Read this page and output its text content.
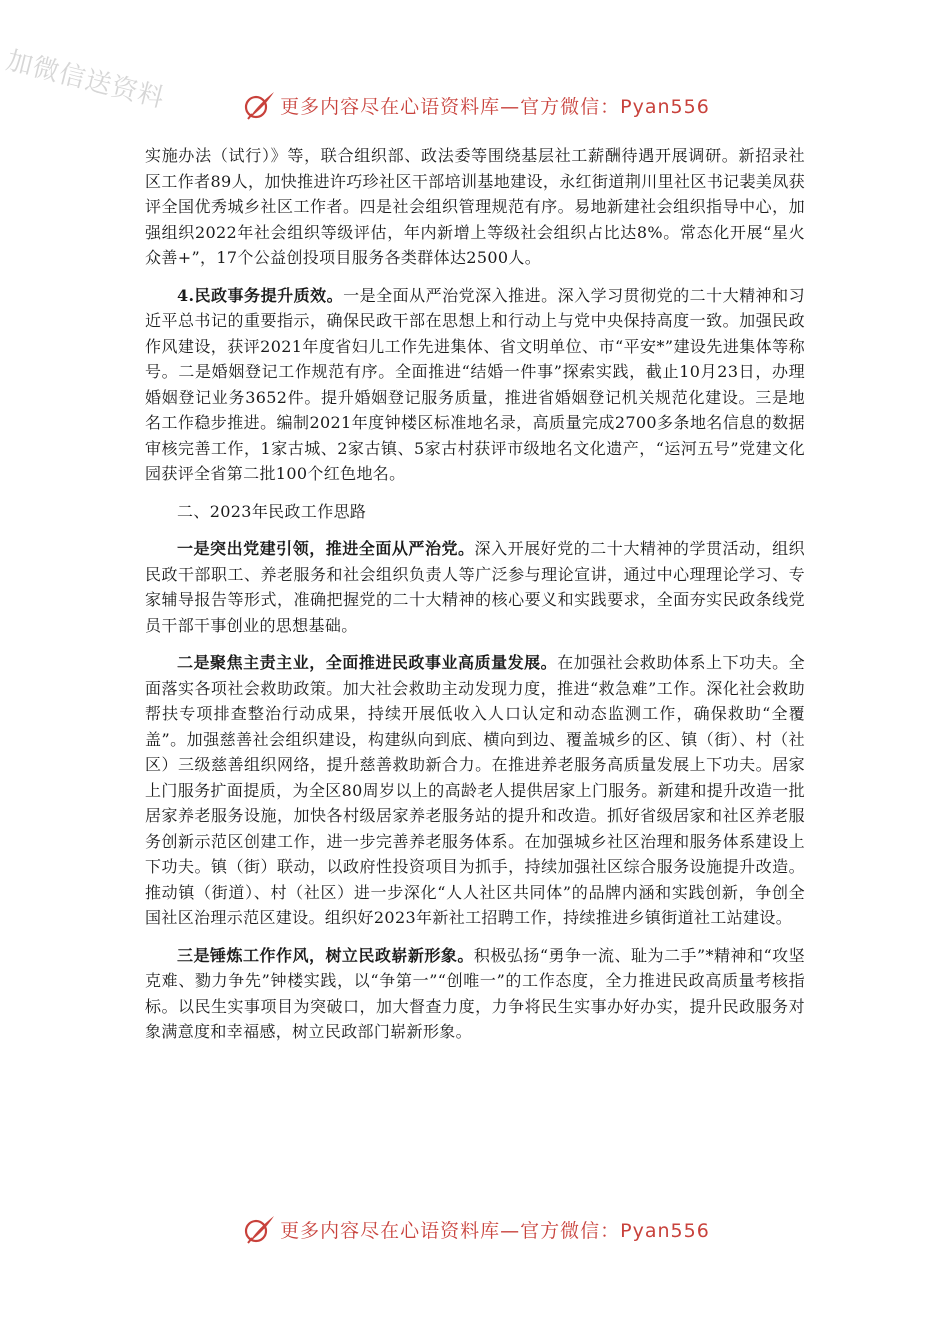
加微信送资料	更多内容尽在心语资料库—官方微信：Pyan556

实施办法（试行）》等，联合组织部、政法委等围绕基层社工薪酬待遇开展调研。新招录社区工作者89人，加快推进许巧珍社区干部培训基地建设，永红街道荆川里社区书记裴美凤获评全国优秀城乡社区工作者。四是社会组织管理规范有序。易地新建社会组织指导中心，加强组织2022年社会组织等级评估，年内新增上等级社会组织占比达8%。常态化开展“星火众善+”，17个公益创投项目服务各类群体达2500人。

4.民政事务提升质效。一是全面从严治党深入推进。深入学习贯彻党的二十大精神和习近平总书记的重要指示，确保民政干部在思想上和行动上与党中央保持高度一致。加强民政作风建设，获评2021年度省妇儿工作先进集体、省文明单位、市“平安*”建设先进集体等称号。二是婚姻登记工作规范有序。全面推进“结婚一件事”探索实践，截止10月23日，办理婚姻登记业务3652件。提升婚姻登记服务质量，推进省婚姻登记机关规范化建设。三是地名工作稳步推进。编制2021年度钟楼区标准地名录，高质量完成2700多条地名信息的数据审核完善工作，1家古城、2家古镇、5家古村获评市级地名文化遗产，“运河五号”党建文化园获评全省第二批100个红色地名。

二、2023年民政工作思路

一是突出党建引领，推进全面从严治党。深入开展好党的二十大精神的学贯活动，组织民政干部职工、养老服务和社会组织负责人等广泛参与理论宣讲，通过中心理理论学习、专家辅导报告等形式，准确把握党的二十大精神的核心要义和实践要求，全面夯实民政条线党员干部干事创业的思想基础。

二是聚焦主责主业，全面推进民政事业高质量发展。在加强社会救助体系上下功夫。全面落实各项社会救助政策。加大社会救助主动发现力度，推进“救急难”工作。深化社会救助帮扶专项排查整治行动成果，持续开展低收入人口认定和动态监测工作，确保救助“全覆盖”。加强慈善社会组织建设，构建纵向到底、横向到边、覆盖城乡的区、镇（街）、村（社区）三级慈善组织网络，提升慈善救助新合力。在推进养老服务高质量发展上下功夫。居家上门服务扩面提质，为全区80周岁以上的高龄老人提供居家上门服务。新建和提升改造一批居家养老服务设施，加快各村级居家养老服务站的提升和改造。抓好省级居家和社区养老服务创新示范区创建工作，进一步完善养老服务体系。在加强城乡社区治理和服务体系建设上下功夫。镇（街）联动，以政府性投资项目为抓手，持续加强社区综合服务设施提升改造。推动镇（街道）、村（社区）进一步深化“人人社区共同体”的品牌内涵和实践创新，争创全国社区治理示范区建设。组织好2023年新社工招聘工作，持续推进乡镇街道社工站建设。

三是锤炼工作作风，树立民政崭新形象。积极弘扬“勇争一流、耻为二手”*精神和“攻坚克难、勠力争先”钟楼实践，以“争第一”“创唯一”的工作态度，全力推进民政高质量考核指标。以民生实事项目为突破口，加大督查力度，力争将民生实事办好办实，提升民政服务对象满意度和幸福感，树立民政部门崭新形象。

更多内容尽在心语资料库—官方微信：Pyan556
